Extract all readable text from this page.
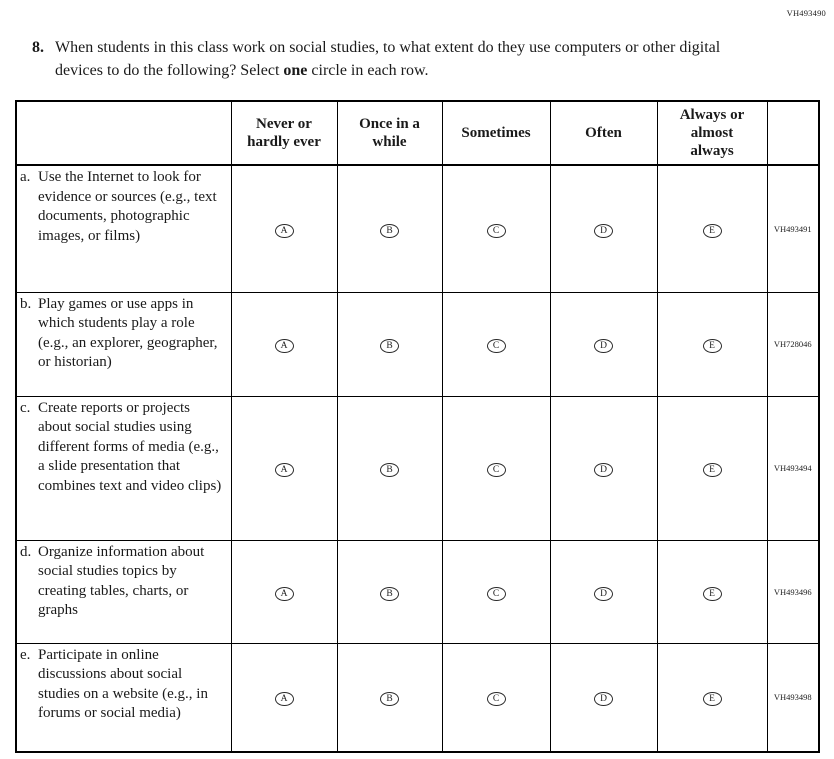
VH493490
8. When students in this class work on social studies, to what extent do they use computers or other digital devices to do the following? Select one circle in each row.
	Never or hardly ever	Once in a while	Sometimes	Often	Always or almost always	

a. Use the Internet to look for evidence or sources (e.g., text documents, photographic images, or films)	A	B	C	D	E	VH493491

b. Play games or use apps in which students play a role (e.g., an explorer, geographer, or historian)	A	B	C	D	E	VH728046

c. Create reports or projects about social studies using different forms of media (e.g., a slide presentation that combines text and video clips)	A	B	C	D	E	VH493494

d. Organize information about social studies topics by creating tables, charts, or graphs	A	B	C	D	E	VH493496

e. Participate in online discussions about social studies on a website (e.g., in forums or social media)	A	B	C	D	E	VH493498
